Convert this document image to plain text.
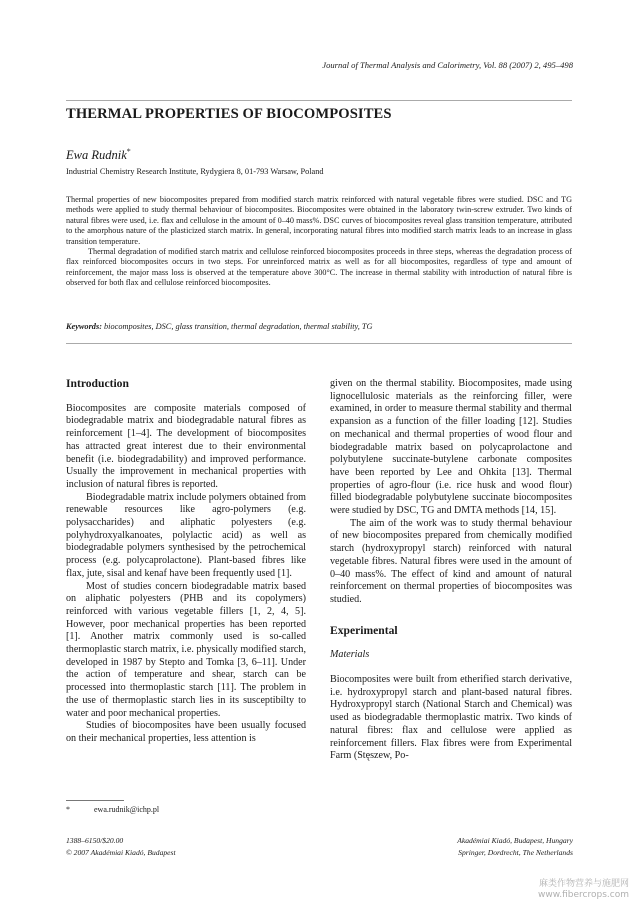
Journal of Thermal Analysis and Calorimetry, Vol. 88 (2007) 2, 495–498
THERMAL PROPERTIES OF BIOCOMPOSITES
Ewa Rudnik*
Industrial Chemistry Research Institute, Rydygiera 8, 01-793 Warsaw, Poland

Thermal properties of new biocomposites prepared from modified starch matrix reinforced with natural vegetable fibres were studied. DSC and TG methods were applied to study thermal behaviour of biocomposites. Biocomposites were obtained in the laboratory twin-screw extruder. Two kinds of natural fibres were used, i.e. flax and cellulose in the amount of 0–40 mass%. DSC curves of biocomposites reveal glass transition temperature, attributed to the amorphous nature of the plasticized starch matrix. In general, incorporating natural fibres into modified starch matrix leads to an increase in glass transition temperature.

Thermal degradation of modified starch matrix and cellulose reinforced biocomposites proceeds in three steps, whereas the degradation process of flax reinforced biocomposites occurs in two steps. For unreinforced matrix as well as for all biocomposites, regardless of type and amount of reinforcement, the major mass loss is observed at the temperature above 300°C. The increase in thermal stability with introduction of natural fibre is observed for both flax and cellulose reinforced biocomposites.

Keywords: biocomposites, DSC, glass transition, thermal degradation, thermal stability, TG
Introduction

Biocomposites are composite materials composed of biodegradable matrix and biodegradable natural fibres as reinforcement [1–4]. The development of biocomposites has attracted great interest due to their environmental benefit (i.e. biodegradability) and improved performance. Usually the improvement in mechanical properties with inclusion of natural fibres is reported.

Biodegradable matrix include polymers obtained from renewable resources like agro-polymers (e.g. polysaccharides) and aliphatic polyesters (e.g. polyhydroxyalkanoates, polylactic acid) as well as biodegradable polymers synthesised by the petrochemical process (e.g. polycaprolactone). Plant-based fibres like flax, jute, sisal and kenaf have been frequently used [1].

Most of studies concern biodegradable matrix based on aliphatic polyesters (PHB and its copolymers) reinforced with various vegetable fillers [1, 2, 4, 5]. However, poor mechanical properties has been reported [1]. Another matrix commonly used is so-called thermoplastic starch matrix, i.e. physically modified starch, developed in 1987 by Stepto and Tomka [3, 6–11]. Under the action of temperature and shear, starch can be processed into thermoplastic starch [11]. The problem in the use of thermoplastic starch lies in its susceptibilty to water and poor mechanical properties.

Studies of biocomposites have been usually focused on their mechanical properties, less attention is

given on the thermal stability. Biocomposites, made using lignocellulosic materials as the reinforcing filler, were examined, in order to measure thermal stability and thermal expansion as a function of the filler loading [12]. Studies on mechanical and thermal properties of wood flour and biodegradable matrix based on polycaprolactone and polybutylene succinate-butylene carbonate composites have been reported by Lee and Ohkita [13]. Thermal properties of agro-flour (i.e. rice husk and wood flour) filled biodegradable polybutylene succinate biocomposites were studied by DSC, TG and DMTA methods [14, 15].

The aim of the work was to study thermal behaviour of new biocomposites prepared from chemically modified starch (hydroxypropyl starch) reinforced with natural vegetable fibres. Natural fibres were used in the amount of 0–40 mass%. The effect of kind and amount of natural reinforcement on thermal properties of biocomposites was studied.

Experimental
Materials

Biocomposites were built from etherified starch derivative, i.e. hydroxypropyl starch and plant-based natural fibres. Hydroxypropyl starch (National Starch and Chemical) was used as biodegradable thermoplastic matrix. Two kinds of natural fibres: flax and cellulose were applied as reinforcement fillers. Flax fibres were from Experimental Farm (Stęszew, Po-

*	ewa.rudnik@ichp.pl
1388–6150/$20.00
© 2007 Akadémiai Kiadó, Budapest
Akadémiai Kiadó, Budapest, Hungary
Springer, Dordrecht, The Netherlands
麻类作物营养与施肥网
www.fibercrops.com
